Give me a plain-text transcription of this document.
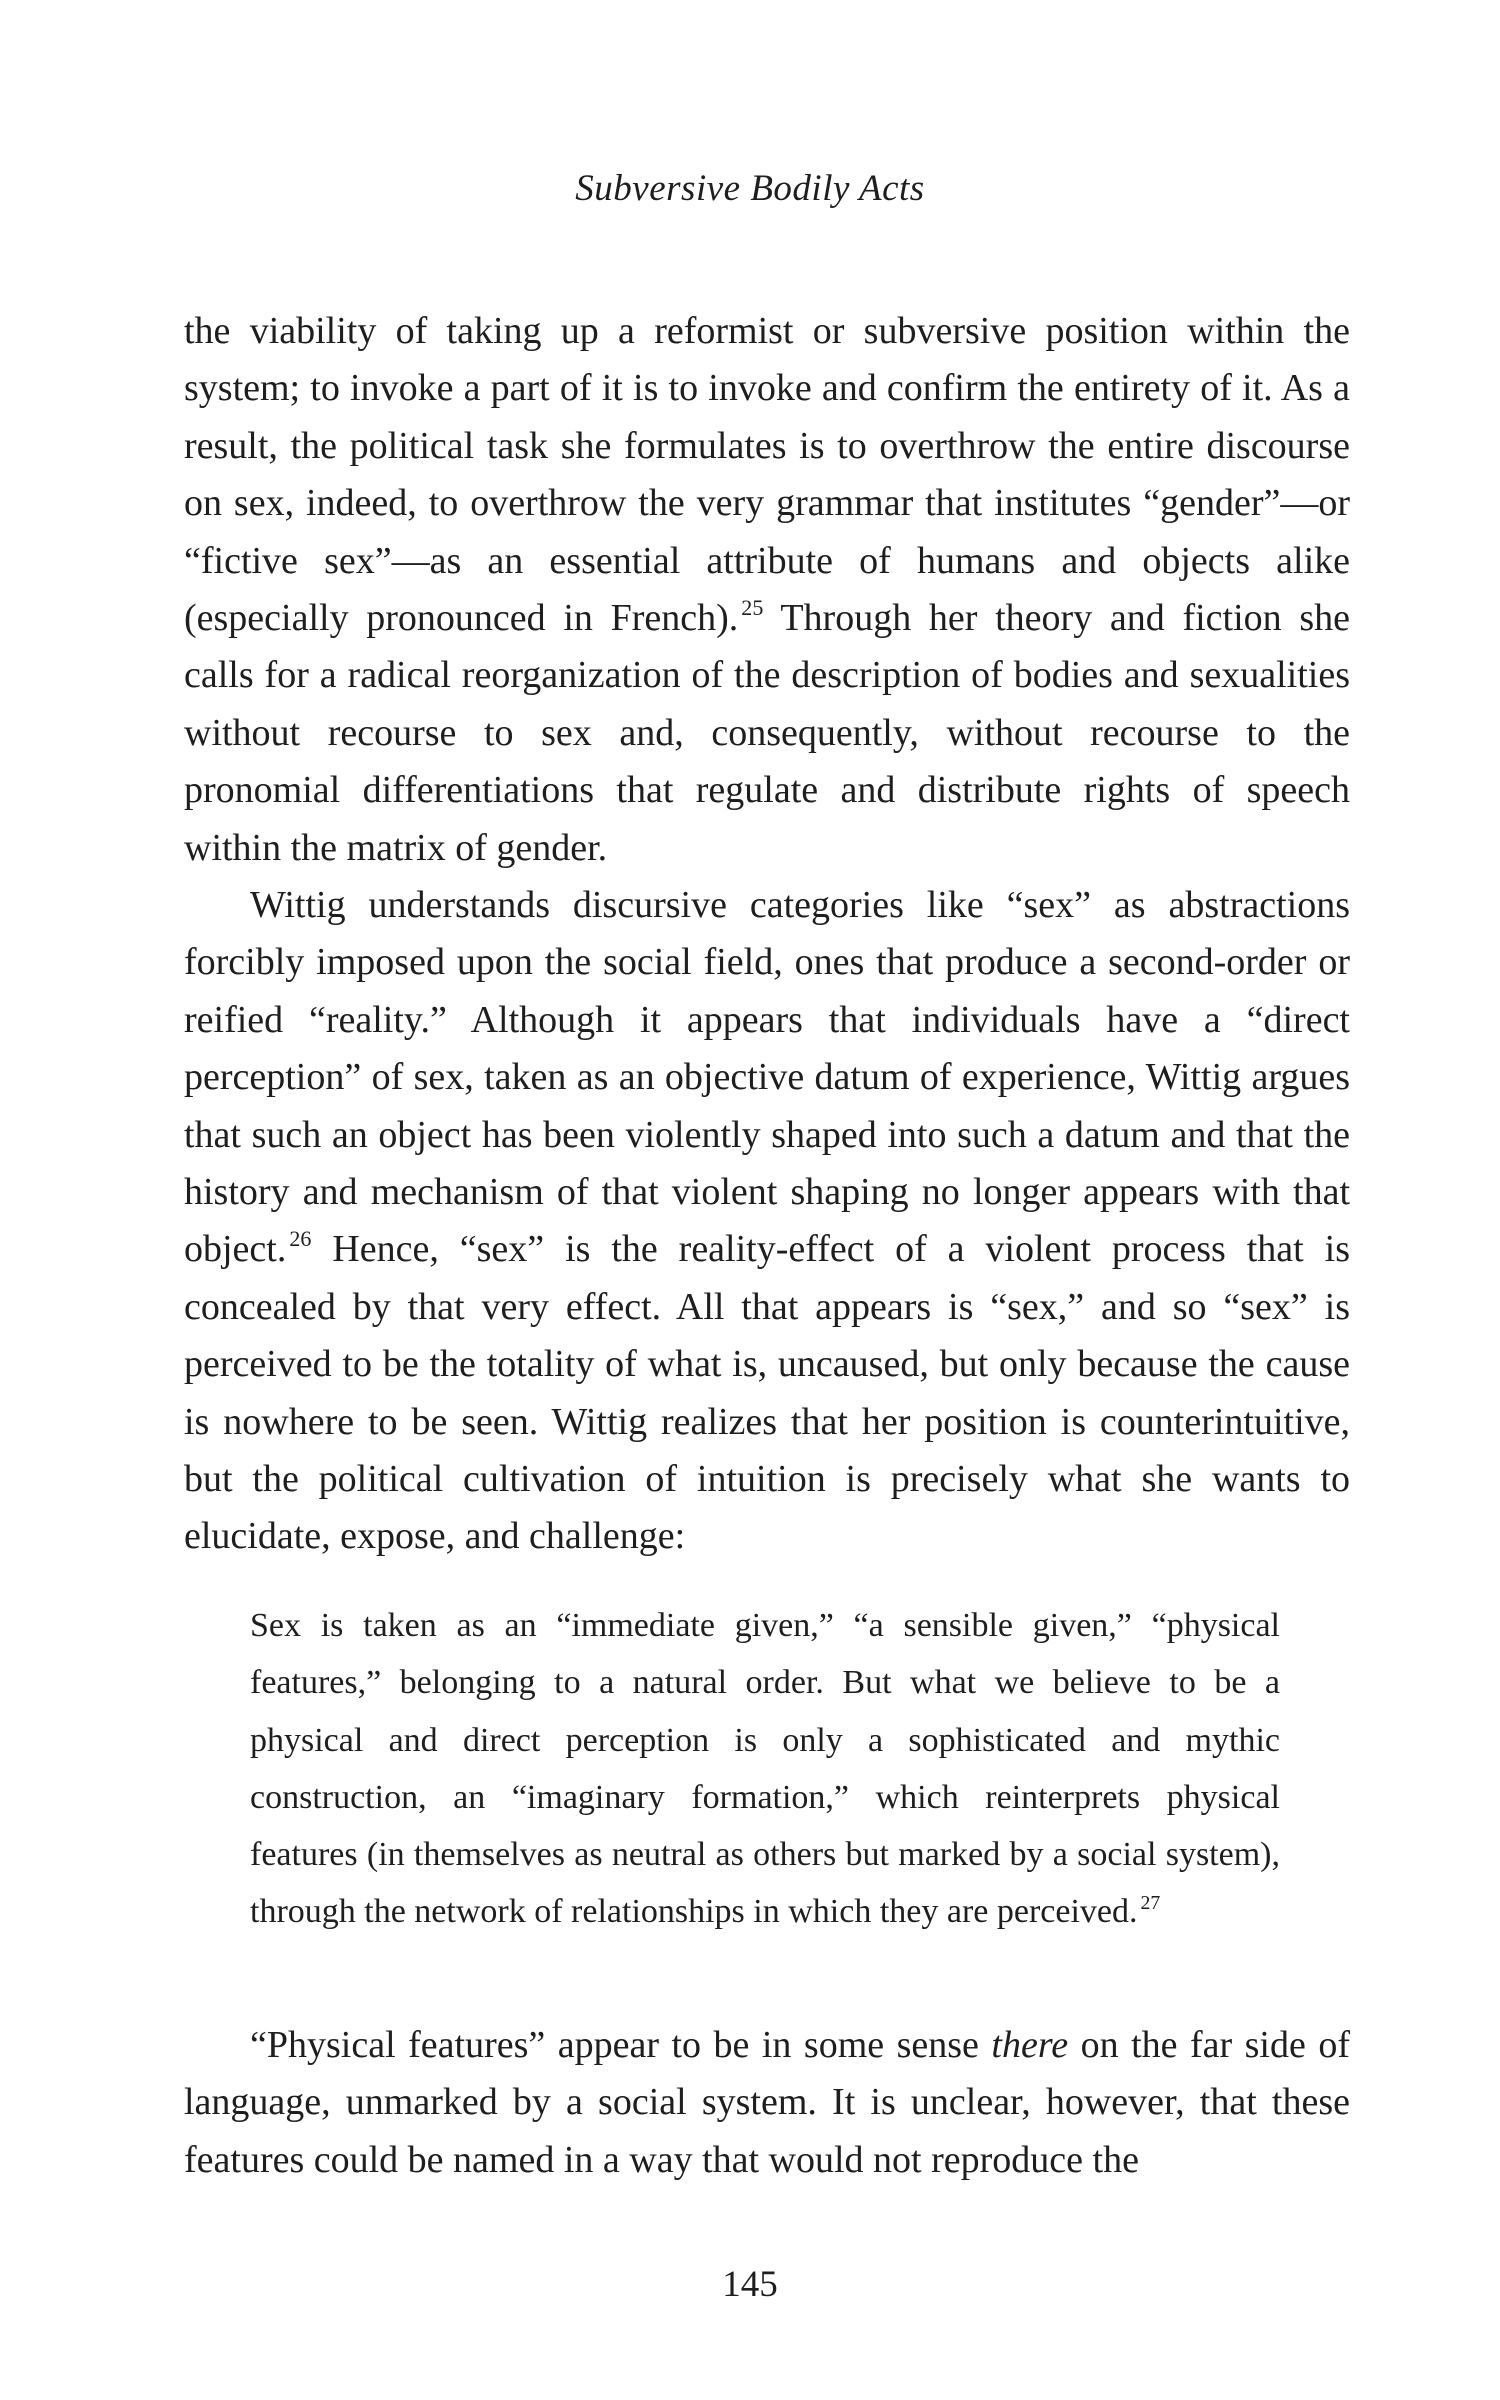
Subversive Bodily Acts

the viability of taking up a reformist or subversive position within the system; to invoke a part of it is to invoke and confirm the entirety of it. As a result, the political task she formulates is to overthrow the entire discourse on sex, indeed, to overthrow the very grammar that institutes “gender”—or “fictive sex”—as an essential attribute of humans and objects alike (especially pronounced in French). $^{25}$ Through her theory and fiction she calls for a radical reorganization of the description of bodies and sexualities without recourse to sex and, consequently, without recourse to the pronomial differentiations that regulate and distribute rights of speech within the matrix of gender.

Wittig understands discursive categories like “sex” as abstractions forcibly imposed upon the social field, ones that produce a second-order or reified “reality.” Although it appears that individuals have a “direct perception” of sex, taken as an objective datum of experience, Wittig argues that such an object has been violently shaped into such a datum and that the history and mechanism of that violent shaping no longer appears with that object. $^{26}$ Hence, “sex” is the reality-effect of a violent process that is concealed by that very effect. All that appears is “sex,” and so “sex” is perceived to be the totality of what is, uncaused, but only because the cause is nowhere to be seen. Wittig realizes that her position is counterintuitive, but the political cultivation of intuition is precisely what she wants to elucidate, expose, and challenge:

Sex is taken as an “immediate given,” “a sensible given,” “physical features,” belonging to a natural order. But what we believe to be a physical and direct perception is only a sophisticated and mythic construction, an “imaginary formation,” which reinterprets physical features (in themselves as neutral as others but marked by a social system), through the network of relationships in which they are perceived. $^{27}$

“Physical features” appear to be in some sense there on the far side of language, unmarked by a social system. It is unclear, however, that these features could be named in a way that would not reproduce the

145
